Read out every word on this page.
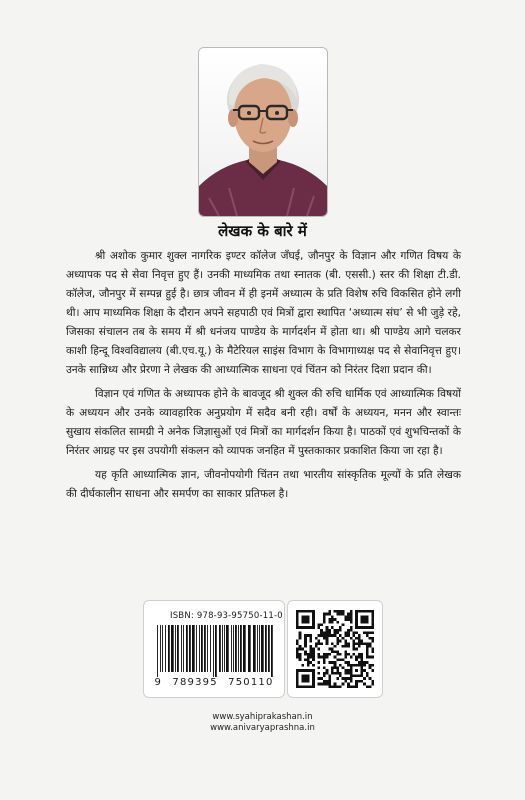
लेखक के बारे में

श्री अशोक कुमार शुक्ल नागरिक इण्टर कॉलेज जँघई, जौनपुर के विज्ञान और गणित विषय के अध्यापक पद से सेवा निवृत्त हुए हैं। उनकी माध्यमिक तथा स्नातक (बी. एससी.) स्तर की शिक्षा टी.डी. कॉलेज, जौनपुर में सम्पन्न हुई है। छात्र जीवन में ही इनमें अध्यात्म के प्रति विशेष रुचि विकसित होने लगी थी। आप माध्यमिक शिक्षा के दौरान अपने सहपाठी एवं मित्रों द्वारा स्थापित ‘अध्यात्म संघ’ से भी जुड़े रहे, जिसका संचालन तब के समय में श्री धनंजय पाण्डेय के मार्गदर्शन में होता था। श्री पाण्डेय आगे चलकर काशी हिन्दू विश्वविद्यालय (बी.एच.यू.) के मैटेरियल साइंस विभाग के विभागाध्यक्ष पद से सेवानिवृत्त हुए। उनके सान्निध्य और प्रेरणा ने लेखक की आध्यात्मिक साधना एवं चिंतन को निरंतर दिशा प्रदान की।

विज्ञान एवं गणित के अध्यापक होने के बावजूद श्री शुक्ल की रुचि धार्मिक एवं आध्यात्मिक विषयों के अध्ययन और उनके व्यावहारिक अनुप्रयोग में सदैव बनी रही। वर्षों के अध्ययन, मनन और स्वान्तः सुखाय संकलित सामग्री ने अनेक जिज्ञासुओं एवं मित्रों का मार्गदर्शन किया है। पाठकों एवं शुभचिन्तकों के निरंतर आग्रह पर इस उपयोगी संकलन को व्यापक जनहित में पुस्तकाकार प्रकाशित किया जा रहा है।

यह कृति आध्यात्मिक ज्ञान, जीवनोपयोगी चिंतन तथा भारतीय सांस्कृतिक मूल्यों के प्रति लेखक की दीर्घकालीन साधना और समर्पण का साकार प्रतिफल है।

ISBN: 978-93-95750-11-0
9 789395 750110
www.syahiprakashan.in
www.anivaryaprashna.in
